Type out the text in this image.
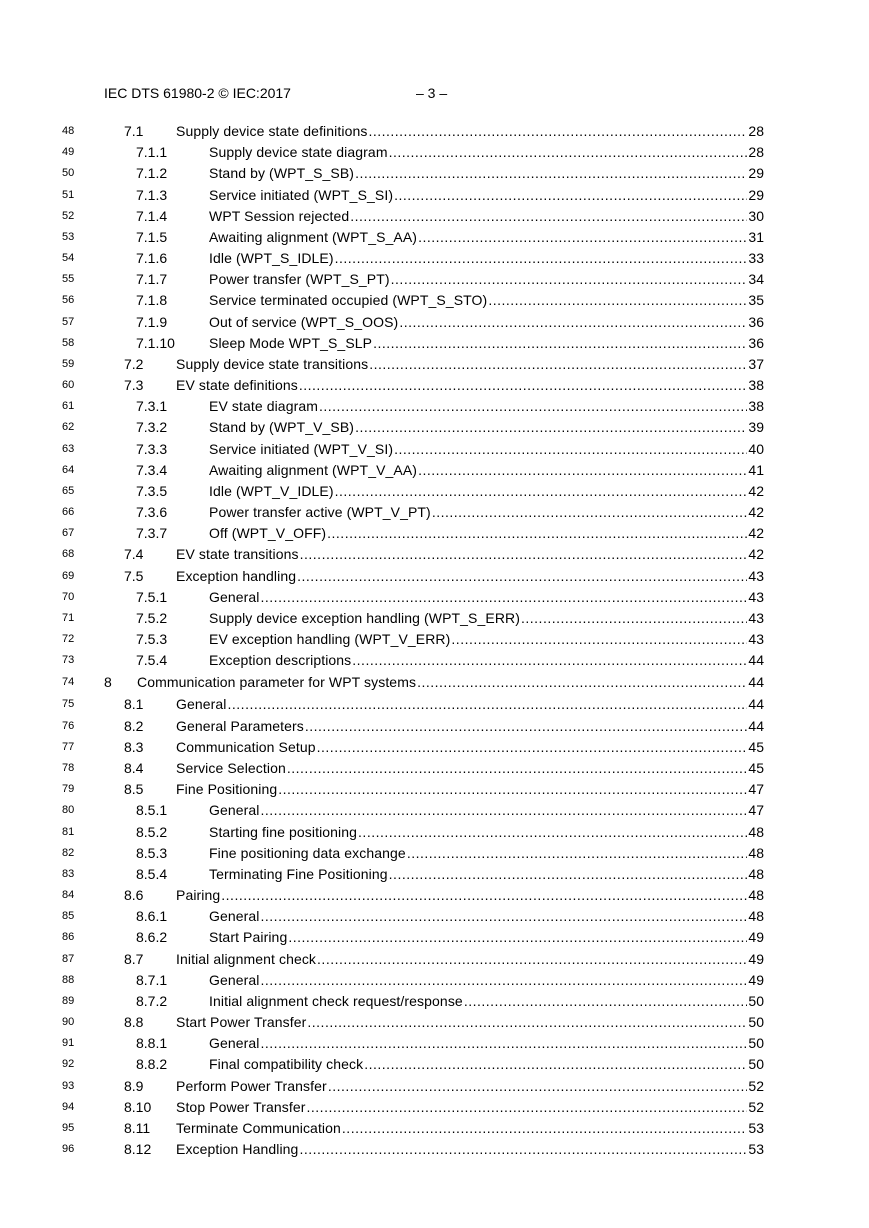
IEC DTS 61980-2 © IEC:2017	– 3 –
48	7.1	Supply device state definitions .....	28
49	7.1.1	Supply device state diagram .....	28
50	7.1.2	Stand by (WPT_S_SB) .....	29
51	7.1.3	Service initiated (WPT_S_SI) .....	29
52	7.1.4	WPT Session rejected .....	30
53	7.1.5	Awaiting alignment (WPT_S_AA) .....	31
54	7.1.6	Idle (WPT_S_IDLE) .....	33
55	7.1.7	Power transfer (WPT_S_PT) .....	34
56	7.1.8	Service terminated occupied (WPT_S_STO) .....	35
57	7.1.9	Out of service (WPT_S_OOS) .....	36
58	7.1.10	Sleep Mode WPT_S_SLP .....	36
59	7.2	Supply device state transitions .....	37
60	7.3	EV state definitions .....	38
61	7.3.1	EV state diagram .....	38
62	7.3.2	Stand by (WPT_V_SB) .....	39
63	7.3.3	Service initiated (WPT_V_SI) .....	40
64	7.3.4	Awaiting alignment (WPT_V_AA) .....	41
65	7.3.5	Idle (WPT_V_IDLE) .....	42
66	7.3.6	Power transfer active (WPT_V_PT) .....	42
67	7.3.7	Off (WPT_V_OFF) .....	42
68	7.4	EV state transitions .....	42
69	7.5	Exception handling .....	43
70	7.5.1	General .....	43
71	7.5.2	Supply device exception handling (WPT_S_ERR) .....	43
72	7.5.3	EV exception handling (WPT_V_ERR) .....	43
73	7.5.4	Exception descriptions .....	44
74 8	Communication parameter for WPT systems .....	44
75	8.1	General .....	44
76	8.2	General Parameters .....	44
77	8.3	Communication Setup .....	45
78	8.4	Service Selection .....	45
79	8.5	Fine Positioning .....	47
80	8.5.1	General .....	47
81	8.5.2	Starting fine positioning .....	48
82	8.5.3	Fine positioning data exchange .....	48
83	8.5.4	Terminating Fine Positioning .....	48
84	8.6	Pairing .....	48
85	8.6.1	General .....	48
86	8.6.2	Start Pairing .....	49
87	8.7	Initial alignment check .....	49
88	8.7.1	General .....	49
89	8.7.2	Initial alignment check request/response .....	50
90	8.8	Start Power Transfer .....	50
91	8.8.1	General .....	50
92	8.8.2	Final compatibility check .....	50
93	8.9	Perform Power Transfer .....	52
94	8.10	Stop Power Transfer .....	52
95	8.11	Terminate Communication .....	53
96	8.12	Exception Handling .....	53
